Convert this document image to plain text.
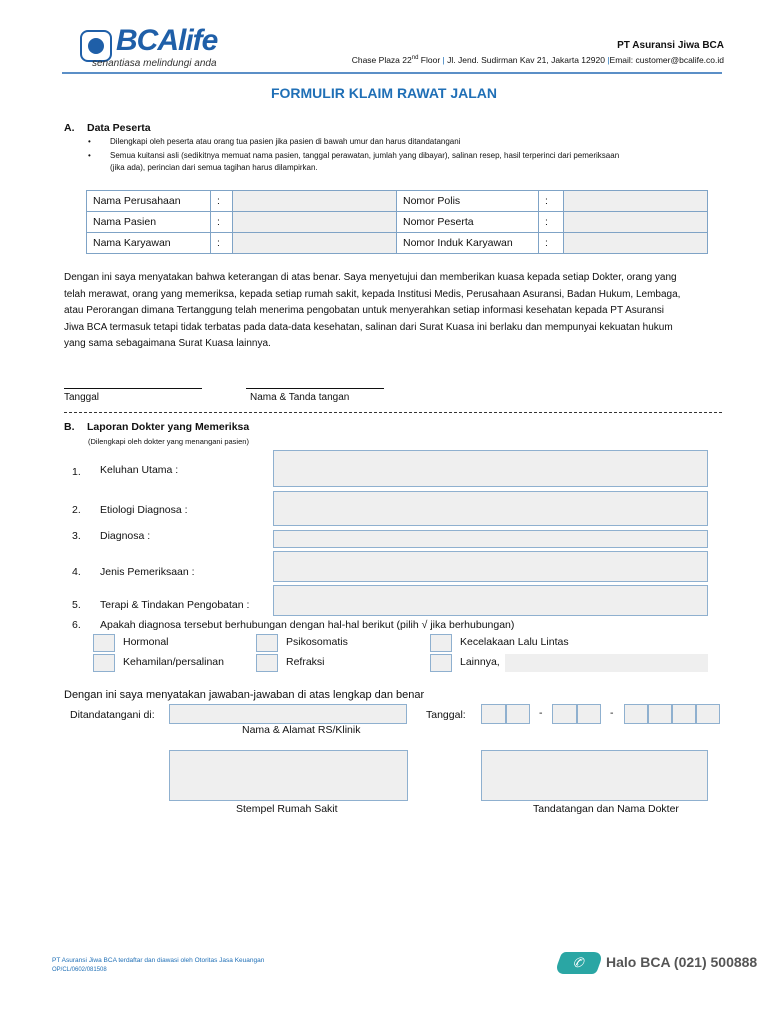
BCAlife
senantiasa melindungi anda
PT Asuransi Jiwa BCA
Chase Plaza 22nd Floor | Jl. Jend. Sudirman Kav 21, Jakarta 12920 |Email: customer@bcalife.co.id
FORMULIR KLAIM RAWAT JALAN
A. Data Peserta
• Dilengkapi oleh peserta atau orang tua pasien jika pasien di bawah umur dan harus ditandatangani
• Semua kuitansi asli (sedikitnya memuat nama pasien, tanggal perawatan, jumlah yang dibayar), salinan resep, hasil terperinci dari pemeriksaan
(jika ada), perincian dari semua tagihan harus dilampirkan.
Nama Perusahaan	:		Nomor Polis	:	
Nama Pasien	:		Nomor Peserta	:	
Nama Karyawan	:		Nomor Induk Karyawan	:	
Dengan ini saya menyatakan bahwa keterangan di atas benar. Saya menyetujui dan memberikan kuasa kepada setiap Dokter, orang yang
telah merawat, orang yang memeriksa, kepada setiap rumah sakit, kepada Institusi Medis, Perusahaan Asuransi, Badan Hukum, Lembaga,
atau Perorangan dimana Tertanggung telah menerima pengobatan untuk menyerahkan setiap informasi kesehatan kepada PT Asuransi
Jiwa BCA termasuk tetapi tidak terbatas pada data-data kesehatan, salinan dari Surat Kuasa ini berlaku dan mempunyai kekuatan hukum
yang sama sebagaimana Surat Kuasa lainnya.
Tanggal	Nama & Tanda tangan
B. Laporan Dokter yang Memeriksa
(Dilengkapi oleh dokter yang menangani pasien)
1. Keluhan Utama :
2. Etiologi Diagnosa :
3. Diagnosa :
4. Jenis Pemeriksaan :
5. Terapi & Tindakan Pengobatan :
6. Apakah diagnosa tersebut berhubungan dengan hal-hal berikut (pilih √ jika berhubungan)
Hormonal	Psikosomatis	Kecelakaan Lalu Lintas
Kehamilan/persalinan	Refraksi	Lainnya,
Dengan ini saya menyatakan jawaban-jawaban di atas lengkap dan benar
Ditandatangani di:	Tanggal:	-	-
Nama & Alamat RS/Klinik
Stempel Rumah Sakit	Tandatangan dan Nama Dokter
PT Asuransi Jiwa BCA terdaftar dan diawasi oleh Otoritas Jasa Keuangan
OP/CL/0602/081508	✆	Halo BCA (021) 500888
